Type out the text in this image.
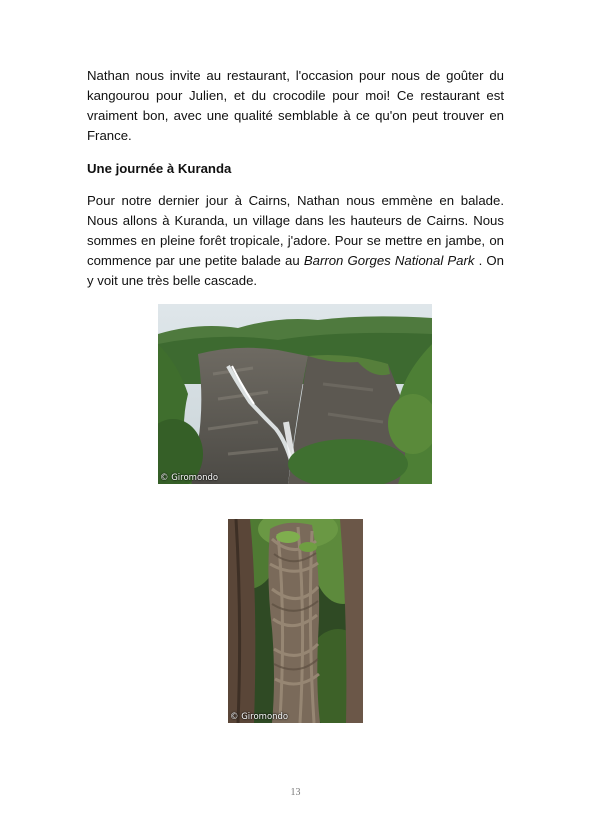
Nathan nous invite au restaurant, l'occasion pour nous de goûter du kangourou pour Julien, et du crocodile pour moi! Ce restaurant est vraiment bon, avec une qualité semblable à ce qu'on peut trouver en France.

Une journée à Kuranda

Pour notre dernier jour à Cairns, Nathan nous emmène en balade. Nous allons à Kuranda, un village dans les hauteurs de Cairns. Nous sommes en pleine forêt tropicale, j'adore. Pour se mettre en jambe, on commence par une petite balade au Barron Gorges National Park . On y voit une très belle cascade.

© Giromondo
© Giromondo
13
